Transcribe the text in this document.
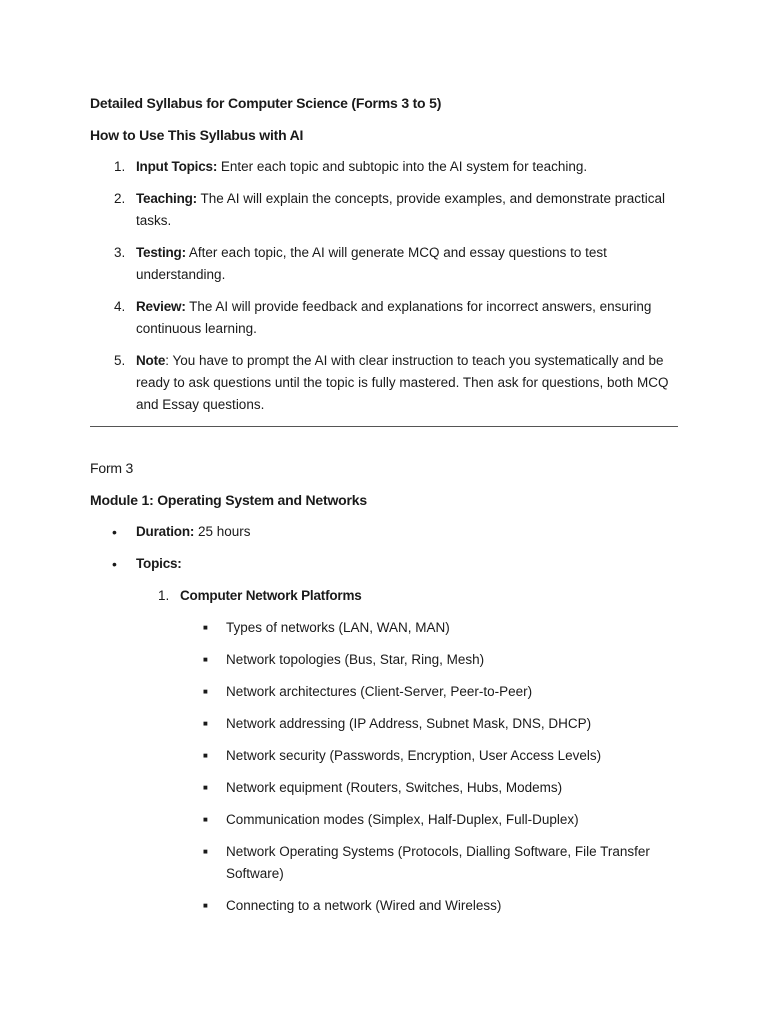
Detailed Syllabus for Computer Science (Forms 3 to 5)
How to Use This Syllabus with AI
1. Input Topics: Enter each topic and subtopic into the AI system for teaching.
2. Teaching: The AI will explain the concepts, provide examples, and demonstrate practical tasks.
3. Testing: After each topic, the AI will generate MCQ and essay questions to test understanding.
4. Review: The AI will provide feedback and explanations for incorrect answers, ensuring continuous learning.
5. Note: You have to prompt the AI with clear instruction to teach you systematically and be ready to ask questions until the topic is fully mastered. Then ask for questions, both MCQ and Essay questions.
Form 3
Module 1: Operating System and Networks
•	Duration: 25 hours
•	Topics:
1. Computer Network Platforms
■	Types of networks (LAN, WAN, MAN)
■	Network topologies (Bus, Star, Ring, Mesh)
■	Network architectures (Client-Server, Peer-to-Peer)
■	Network addressing (IP Address, Subnet Mask, DNS, DHCP)
■	Network security (Passwords, Encryption, User Access Levels)
■	Network equipment (Routers, Switches, Hubs, Modems)
■	Communication modes (Simplex, Half-Duplex, Full-Duplex)
■	Network Operating Systems (Protocols, Dialling Software, File Transfer Software)
■	Connecting to a network (Wired and Wireless)
